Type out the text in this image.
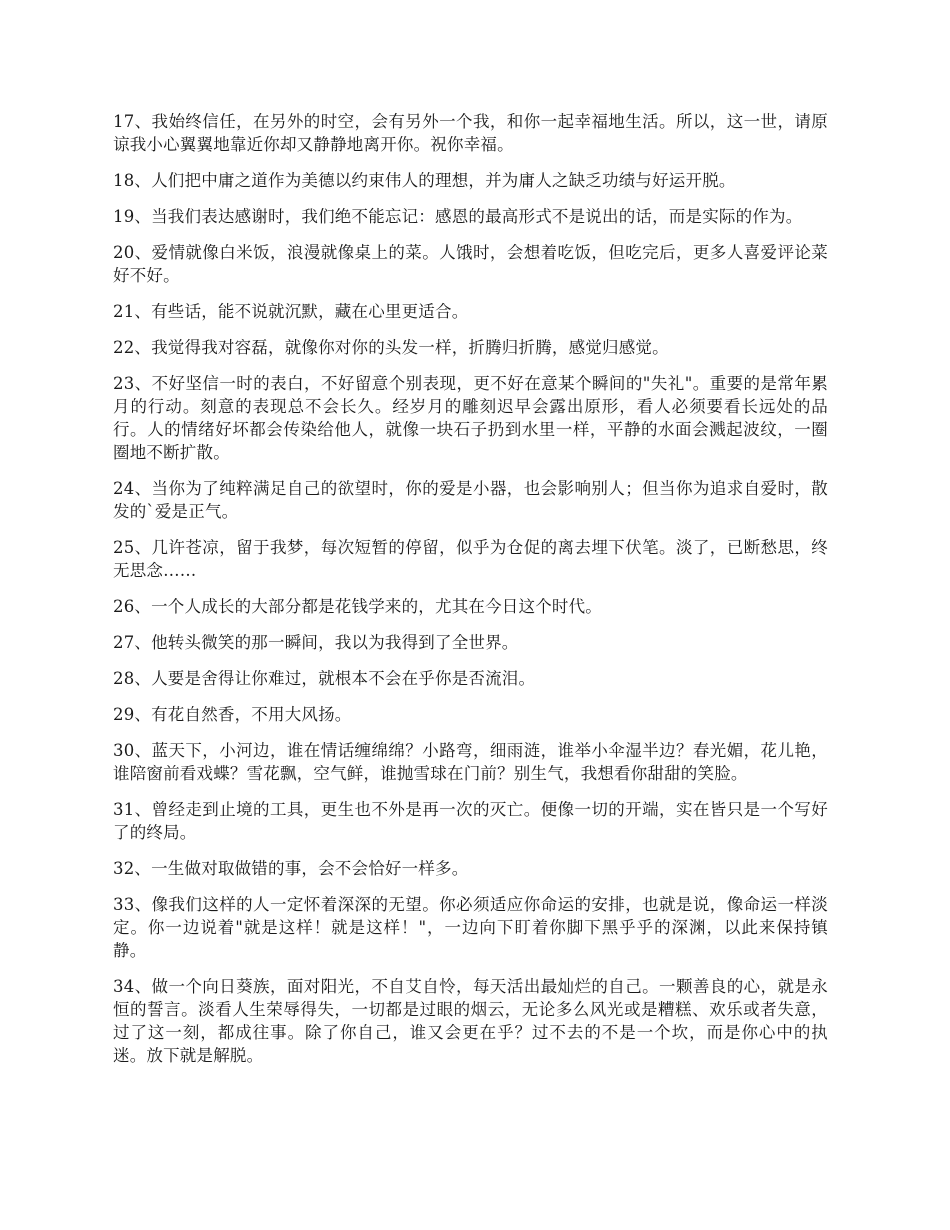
17、我始终信任，在另外的时空，会有另外一个我，和你一起幸福地生活。所以，这一世，请原谅我小心翼翼地靠近你却又静静地离开你。祝你幸福。

18、人们把中庸之道作为美德以约束伟人的理想，并为庸人之缺乏功绩与好运开脱。

19、当我们表达感谢时，我们绝不能忘记：感恩的最高形式不是说出的话，而是实际的作为。

20、爱情就像白米饭，浪漫就像桌上的菜。人饿时，会想着吃饭，但吃完后，更多人喜爱评论菜好不好。

21、有些话，能不说就沉默，藏在心里更适合。

22、我觉得我对容磊，就像你对你的头发一样，折腾归折腾，感觉归感觉。

23、不好坚信一时的表白，不好留意个别表现，更不好在意某个瞬间的"失礼"。重要的是常年累月的行动。刻意的表现总不会长久。经岁月的雕刻迟早会露出原形，看人必须要看长远处的品行。人的情绪好坏都会传染给他人，就像一块石子扔到水里一样，平静的水面会溅起波纹，一圈圈地不断扩散。

24、当你为了纯粹满足自己的欲望时，你的爱是小器，也会影响别人；但当你为追求自爱时，散发的`爱是正气。

25、几许苍凉，留于我梦，每次短暂的停留，似乎为仓促的离去埋下伏笔。淡了，已断愁思，终无思念……

26、一个人成长的大部分都是花钱学来的，尤其在今日这个时代。

27、他转头微笑的那一瞬间，我以为我得到了全世界。

28、人要是舍得让你难过，就根本不会在乎你是否流泪。

29、有花自然香，不用大风扬。

30、蓝天下，小河边，谁在情话缠绵绵？小路弯，细雨涟，谁举小伞湿半边？春光媚，花儿艳，谁陪窗前看戏蝶？雪花飘，空气鲜，谁抛雪球在门前？别生气，我想看你甜甜的笑脸。

31、曾经走到止境的工具，更生也不外是再一次的灭亡。便像一切的开端，实在皆只是一个写好了的终局。

32、一生做对取做错的事，会不会恰好一样多。

33、像我们这样的人一定怀着深深的无望。你必须适应你命运的安排，也就是说，像命运一样淡定。你一边说着"就是这样！就是这样！"，一边向下盯着你脚下黑乎乎的深渊，以此来保持镇静。

34、做一个向日葵族，面对阳光，不自艾自怜，每天活出最灿烂的自己。一颗善良的心，就是永恒的誓言。淡看人生荣辱得失，一切都是过眼的烟云，无论多么风光或是糟糕、欢乐或者失意，过了这一刻，都成往事。除了你自己，谁又会更在乎？过不去的不是一个坎，而是你心中的执迷。放下就是解脱。
